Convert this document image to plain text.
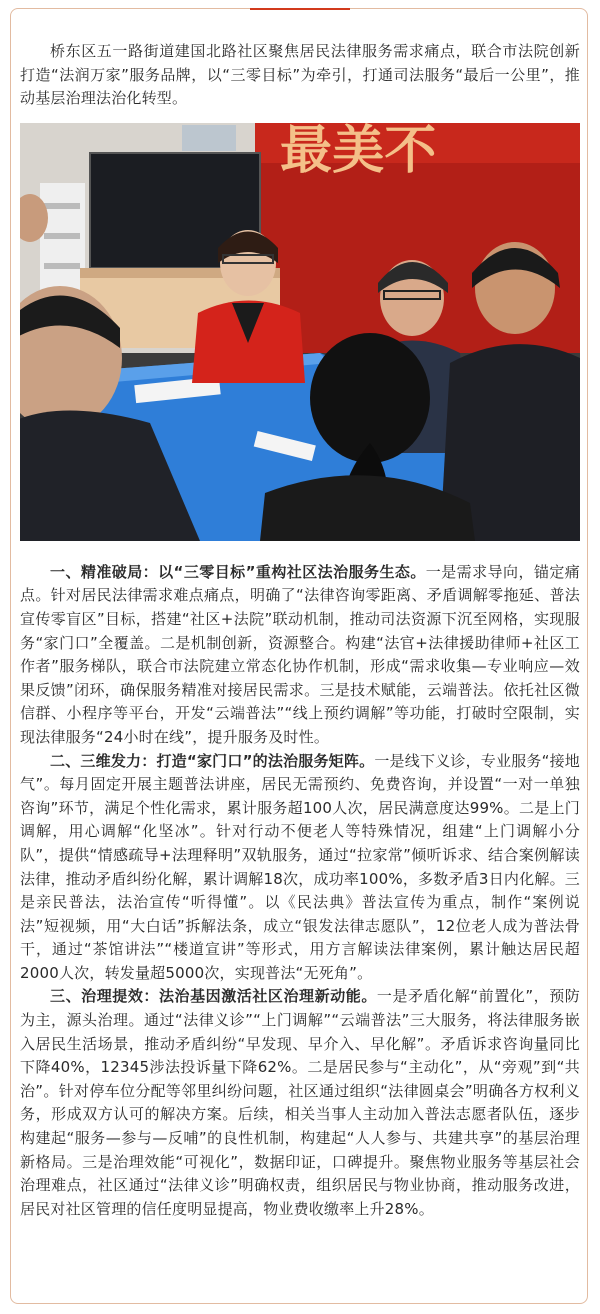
桥东区五一路街道建国北路社区聚焦居民法律服务需求痛点，联合市法院创新打造“法润万家”服务品牌，以“三零目标”为牵引，打通司法服务“最后一公里”，推动基层治理法治化转型。

最美不

一、精准破局：以“三零目标”重构社区法治服务生态。一是需求导向，锚定痛点。针对居民法律需求难点痛点，明确了“法律咨询零距离、矛盾调解零拖延、普法宣传零盲区”目标，搭建“社区+法院”联动机制，推动司法资源下沉至网格，实现服务“家门口”全覆盖。二是机制创新，资源整合。构建“法官+法律援助律师+社区工作者”服务梯队，联合市法院建立常态化协作机制，形成“需求收集—专业响应—效果反馈”闭环，确保服务精准对接居民需求。三是技术赋能，云端普法。依托社区微信群、小程序等平台，开发“云端普法”“线上预约调解”等功能，打破时空限制，实现法律服务“24小时在线”，提升服务及时性。

二、三维发力：打造“家门口”的法治服务矩阵。一是线下义诊，专业服务“接地气”。每月固定开展主题普法讲座，居民无需预约、免费咨询，并设置“一对一单独咨询”环节，满足个性化需求，累计服务超100人次，居民满意度达99%。二是上门调解，用心调解“化坚冰”。针对行动不便老人等特殊情况，组建“上门调解小分队”，提供“情感疏导+法理释明”双轨服务，通过“拉家常”倾听诉求、结合案例解读法律，推动矛盾纠纷化解，累计调解18次，成功率100%，多数矛盾3日内化解。三是亲民普法，法治宣传“听得懂”。以《民法典》普法宣传为重点，制作“案例说法”短视频，用“大白话”拆解法条，成立“银发法律志愿队”，12位老人成为普法骨干，通过“茶馆讲法”“楼道宣讲”等形式，用方言解读法律案例，累计触达居民超2000人次，转发量超5000次，实现普法“无死角”。

三、治理提效：法治基因激活社区治理新动能。一是矛盾化解“前置化”，预防为主，源头治理。通过“法律义诊”“上门调解”“云端普法”三大服务，将法律服务嵌入居民生活场景，推动矛盾纠纷“早发现、早介入、早化解”。矛盾诉求咨询量同比下降40%，12345涉法投诉量下降62%。二是居民参与“主动化”，从“旁观”到“共治”。针对停车位分配等邻里纠纷问题，社区通过组织“法律圆桌会”明确各方权利义务，形成双方认可的解决方案。后续，相关当事人主动加入普法志愿者队伍，逐步构建起“服务—参与—反哺”的良性机制，构建起“人人参与、共建共享”的基层治理新格局。三是治理效能“可视化”，数据印证，口碑提升。聚焦物业服务等基层社会治理难点，社区通过“法律义诊”明确权责，组织居民与物业协商，推动服务改进，居民对社区管理的信任度明显提高，物业费收缴率上升28%。
